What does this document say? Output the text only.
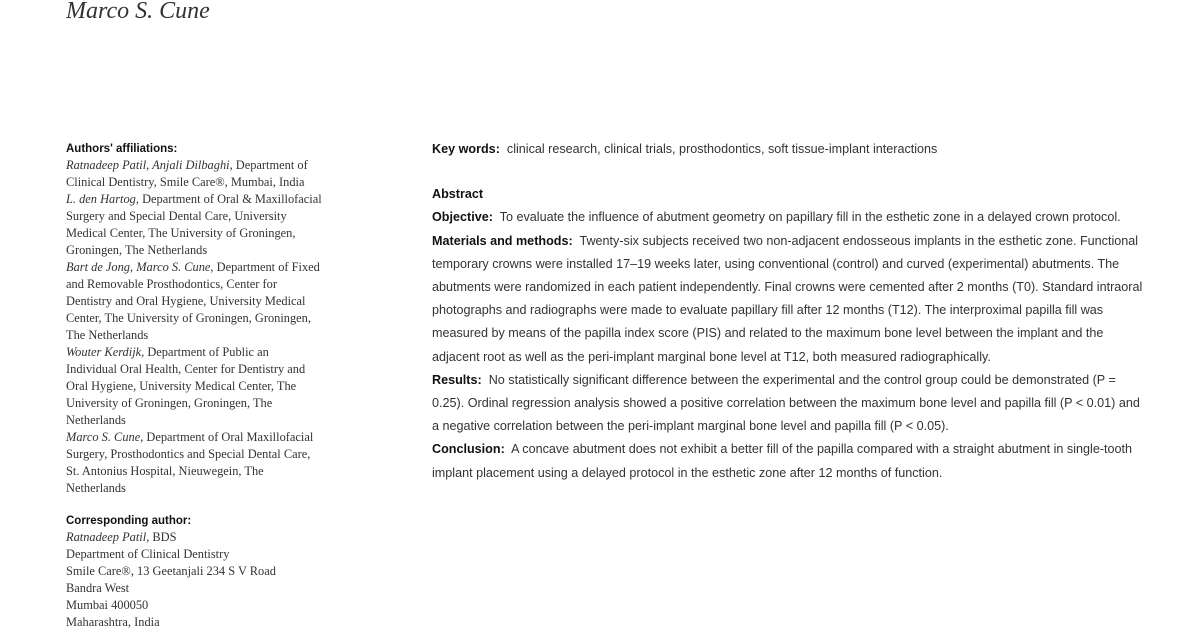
Marco S. Cune
Authors' affiliations:
Ratnadeep Patil, Anjali Dilbaghi, Department of
Clinical Dentistry, Smile Care®, Mumbai, India
L. den Hartog, Department of Oral & Maxillofacial
Surgery and Special Dental Care, University
Medical Center, The University of Groningen,
Groningen, The Netherlands
Bart de Jong, Marco S. Cune, Department of Fixed
and Removable Prosthodontics, Center for
Dentistry and Oral Hygiene, University Medical
Center, The University of Groningen, Groningen,
The Netherlands
Wouter Kerdijk, Department of Public an
Individual Oral Health, Center for Dentistry and
Oral Hygiene, University Medical Center, The
University of Groningen, Groningen, The
Netherlands
Marco S. Cune, Department of Oral Maxillofacial
Surgery, Prosthodontics and Special Dental Care,
St. Antonius Hospital, Nieuwegein, The
Netherlands
Corresponding author:
Ratnadeep Patil, BDS
Department of Clinical Dentistry
Smile Care®, 13 Geetanjali 234 S V Road
Bandra West
Mumbai 400050
Maharashtra, India
Key words: clinical research, clinical trials, prosthodontics, soft tissue-implant interactions
Abstract
Objective: To evaluate the influence of abutment geometry on papillary fill in the esthetic zone in a delayed crown protocol.
Materials and methods: Twenty-six subjects received two non-adjacent endosseous implants in the esthetic zone. Functional temporary crowns were installed 17–19 weeks later, using conventional (control) and curved (experimental) abutments. The abutments were randomized in each patient independently. Final crowns were cemented after 2 months (T0). Standard intraoral photographs and radiographs were made to evaluate papillary fill after 12 months (T12). The interproximal papilla fill was measured by means of the papilla index score (PIS) and related to the maximum bone level between the implant and the adjacent root as well as the peri-implant marginal bone level at T12, both measured radiographically.
Results: No statistically significant difference between the experimental and the control group could be demonstrated (P = 0.25). Ordinal regression analysis showed a positive correlation between the maximum bone level and papilla fill (P < 0.01) and a negative correlation between the peri-implant marginal bone level and papilla fill (P < 0.05).
Conclusion: A concave abutment does not exhibit a better fill of the papilla compared with a straight abutment in single-tooth implant placement using a delayed protocol in the esthetic zone after 12 months of function.
